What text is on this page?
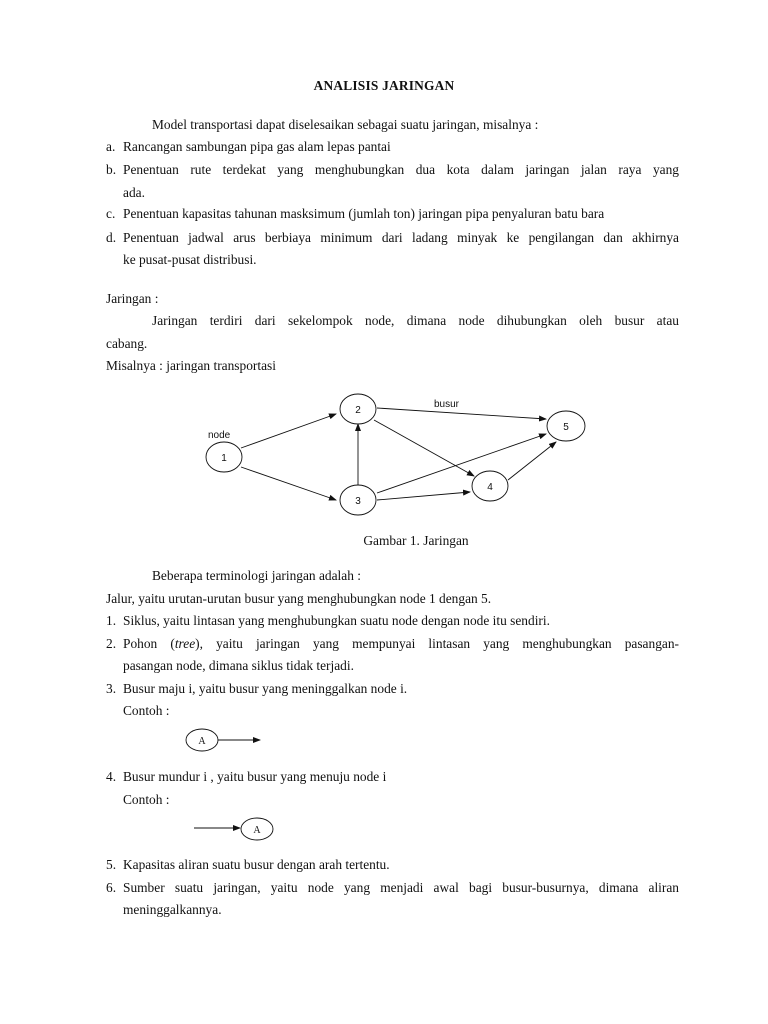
ANALISIS JARINGAN
Model transportasi dapat diselesaikan sebagai suatu jaringan, misalnya :
a. Rancangan sambungan pipa gas alam lepas pantai
b. Penentuan rute terdekat yang menghubungkan dua kota dalam jaringan jalan raya yang
ada.
c. Penentuan kapasitas tahunan masksimum (jumlah ton) jaringan pipa penyaluran batu bara
d. Penentuan jadwal arus berbiaya minimum dari ladang minyak ke pengilangan dan akhirnya
ke pusat-pusat distribusi.
Jaringan :
Jaringan terdiri dari sekelompok node, dimana node dihubungkan oleh busur atau
cabang.
Misalnya : jaringan transportasi
1
2
3
4
5
node
busur
Gambar 1. Jaringan
Beberapa terminologi jaringan adalah :
Jalur, yaitu urutan-urutan busur yang menghubungkan node 1 dengan 5.
1. Siklus, yaitu lintasan yang menghubungkan suatu node dengan node itu sendiri.
2. Pohon (tree), yaitu jaringan yang mempunyai lintasan yang menghubungkan pasangan-
pasangan node, dimana siklus tidak terjadi.
3. Busur maju i, yaitu busur yang meninggalkan node i.
Contoh :
A
4. Busur mundur i , yaitu busur yang menuju node i
Contoh :
A
5. Kapasitas aliran suatu busur dengan arah tertentu.
6. Sumber suatu jaringan, yaitu node yang menjadi awal bagi busur-busurnya, dimana aliran
meninggalkannya.
